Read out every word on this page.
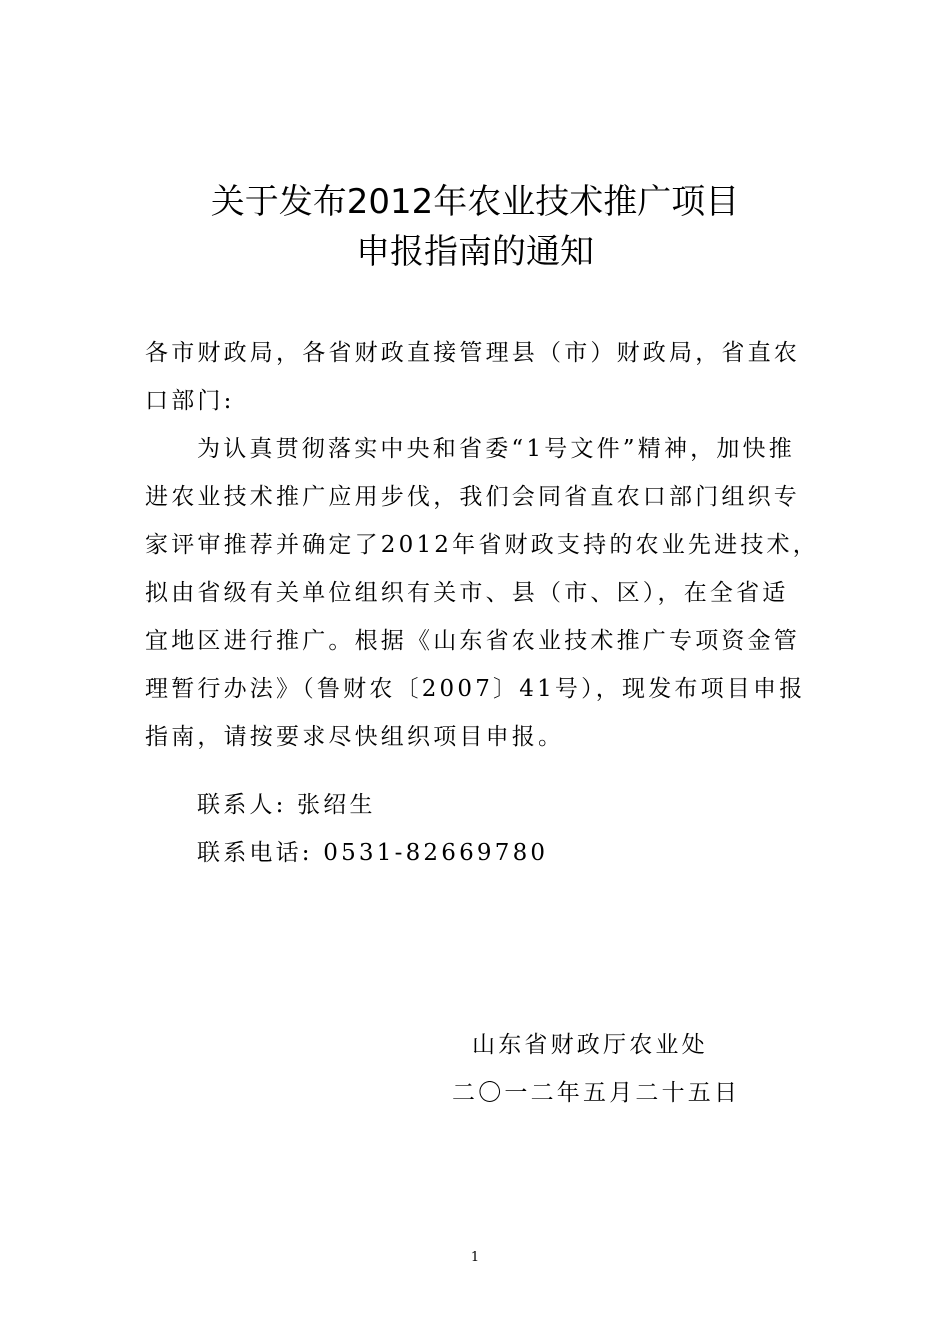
关于发布2012年农业技术推广项目
申报指南的通知
各市财政局，各省财政直接管理县（市）财政局，省直农
口部门:
为认真贯彻落实中央和省委“1号文件”精神，加快推
进农业技术推广应用步伐，我们会同省直农口部门组织专
家评审推荐并确定了2012年省财政支持的农业先进技术，
拟由省级有关单位组织有关市、县（市、区），在全省适
宜地区进行推广。根据《山东省农业技术推广专项资金管
理暂行办法》（鲁财农〔2007〕41号），现发布项目申报
指南，请按要求尽快组织项目申报。
联系人: 张绍生
联系电话: 0531-82669780
山东省财政厅农业处
二〇一二年五月二十五日
1
